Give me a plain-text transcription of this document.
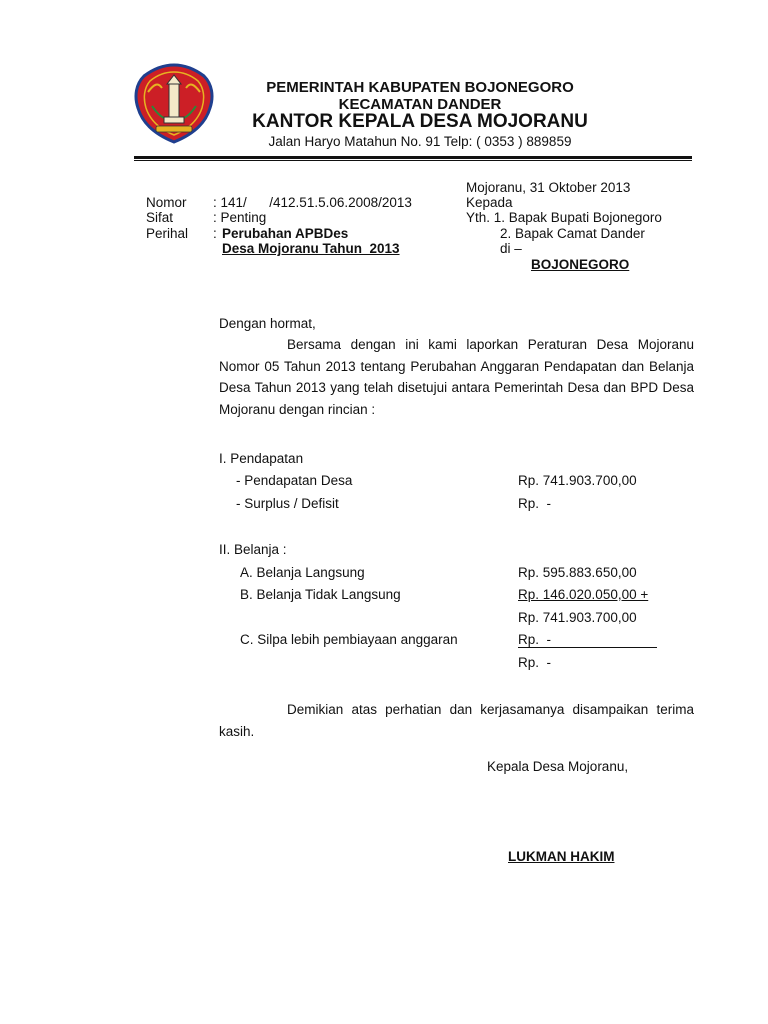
PEMERINTAH KABUPATEN BOJONEGORO
KECAMATAN DANDER
KANTOR KEPALA DESA MOJORANU
Jalan Haryo Matahun No. 91 Telp: ( 0353 ) 889859
Nomor : 141/      /412.51.5.06.2008/2013
Sifat	: Penting
Perihal : Perubahan APBDes
Desa Mojoranu Tahun  2013
Mojoranu, 31 Oktober 2013
Kepada
Yth. 1. Bapak Bupati Bojonegoro
2. Bapak Camat Dander
di –
BOJONEGORO
Dengan hormat,
Bersama dengan ini kami laporkan Peraturan Desa Mojoranu Nomor 05 Tahun 2013 tentang Perubahan Anggaran Pendapatan dan Belanja Desa Tahun 2013 yang telah disetujui antara Pemerintah Desa dan BPD Desa Mojoranu dengan rincian :
I. Pendapatan
- Pendapatan Desa	Rp. 741.903.700,00
- Surplus / Defisit	Rp.  -
II. Belanja :
A. Belanja Langsung	Rp. 595.883.650,00
B. Belanja Tidak Langsung	Rp. 146.020.050,00 +
Rp. 741.903.700,00
C. Silpa lebih pembiayaan anggaran	Rp.  -
Rp.  -
Demikian atas perhatian dan kerjasamanya disampaikan terima kasih.
Kepala Desa Mojoranu,
LUKMAN HAKIM
